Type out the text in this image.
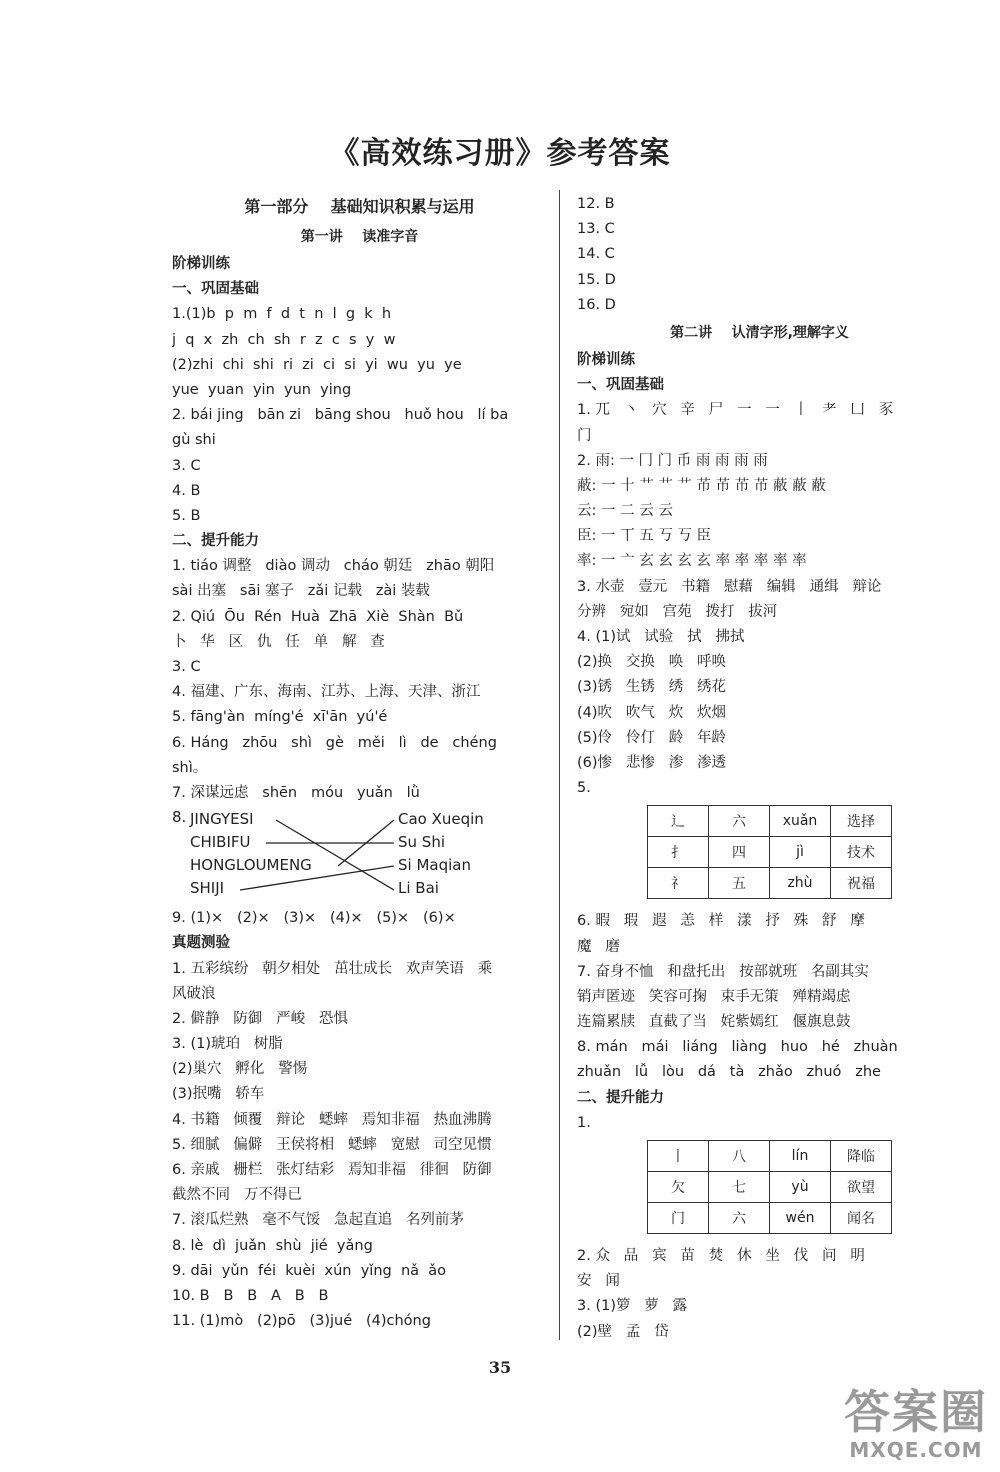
《高效练习册》参考答案
第一部分    基础知识积累与运用
第一讲    读准字音
阶梯训练
一、巩固基础
1.(1)b  p  m  f  d  t  n  l  g  k  h
j  q  x  zh  ch  sh  r  z  c  s  y  w
(2)zhi  chi  shi  ri  zi  ci  si  yi  wu  yu  ye
yue  yuan  yin  yun  ying
2. bái jing   bān zi   bāng shou   huǒ hou   lí ba
gù shi
3. C
4. B
5. B
二、提升能力
1. tiáo 调整   diào 调动   cháo 朝廷   zhāo 朝阳
sài 出塞   sāi 塞子   zǎi 记载   zài 装载
2. Qiú  Ōu  Rén  Huà  Zhā  Xiè  Shàn  Bǔ
卜   华   区   仇   任   单   解   查
3. C
4. 福建、广东、海南、江苏、上海、天津、浙江
5. fāng'àn  míng'é  xī'ān  yú'é
6. Háng   zhōu   shì   gè   měi   lì   de   chéng
shì。
7. 深谋远虑   shēn   móu   yuǎn   lǜ
8. JINGYESI
CHIBIFU
HONGLOUMENG
SHIJI
Cao Xueqin
Su Shi
Si Maqian
Li Bai
9. (1)×   (2)×   (3)×   (4)×   (5)×   (6)×
真题测验
1. 五彩缤纷   朝夕相处   茁壮成长   欢声笑语   乘
风破浪
2. 僻静   防御   严峻   恐惧
3. (1)琥珀   树脂
(2)巢穴   孵化   警惕
(3)抿嘴   轿车
4. 书籍   倾覆   辩论   蟋蟀   焉知非福   热血沸腾
5. 细腻   偏僻   王侯将相   蟋蟀   宽慰   司空见惯
6. 亲戚   栅栏   张灯结彩   焉知非福   徘徊   防御
截然不同   万不得已
7. 滚瓜烂熟   毫不气馁   急起直追   名列前茅
8. lè  dì  juǎn  shù  jié  yǎng
9. dāi  yǔn  féi  kuèi  xún  yǐng  nǎ  ǎo
10. B   B   B   A   B   B
11. (1)mò   (2)pō   (3)jué   (4)chóng
12. B
13. C
14. C
15. D
16. D
第二讲    认清字形,理解字义
阶梯训练
一、巩固基础
1. 兀   丶   穴   辛   尸   一   一   丨   耂   凵   豕
门
2. 雨: 一 冂 门 币 雨 雨 雨 雨
蔽: 一 十 艹 艹 艹 芇 芇 芇 芇 蔽 蔽 蔽
云: 一 二 云 云
臣: 一 丅 五 丂 丂 臣
率: 一 亠 玄 玄 玄 玄 率 率 率 率 率
3. 水壶   壹元   书籍   慰藉   编辑   通缉   辩论
分辨   宛如   宫苑   拨打   拔河
4. (1)试   试验   拭   拂拭
(2)换   交换   唤   呼唤
(3)锈   生锈   绣   绣花
(4)吹   吹气   炊   炊烟
(5)伶   伶仃   龄   年龄
(6)惨   悲惨   渗   渗透
5.
辶	六	xuǎn	选择
扌	四	jì	技术
礻	五	zhù	祝福
6. 暇   瑕   遐   恙   样   漾   抒   殊   舒   摩
魔   磨
7. 奋身不恤   和盘托出   按部就班   名副其实
销声匿迹   笑容可掬   束手无策   殚精竭虑
连篇累牍   直截了当   姹紫嫣红   偃旗息鼓
8. mán   mái   liáng   liàng   huo   hé   zhuàn
zhuǎn   lǚ   lòu   dá   tà   zhǎo   zhuó   zhe
二、提升能力
1.
丨	八	lín	降临
欠	七	yù	欲望
门	六	wén	闻名
2. 众   品   宾   苗   焚   休   坐   伐   问   明
安   闻
3. (1)箩   萝   露
(2)壁   孟   岱
35
答案圈
MXQE.COM
